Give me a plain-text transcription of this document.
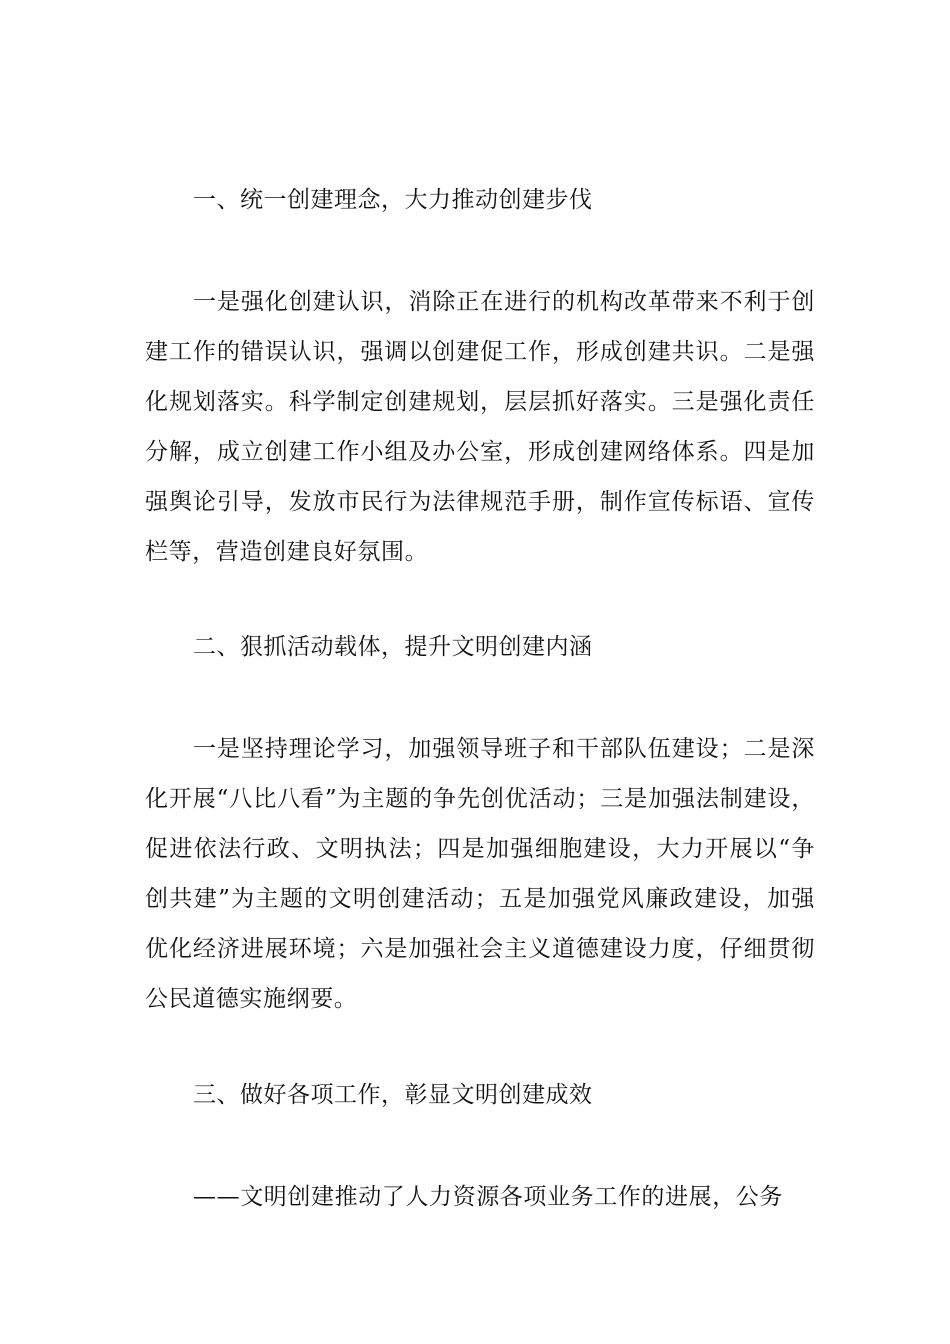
一、统一创建理念，大力推动创建步伐
一是强化创建认识，消除正在进行的机构改革带来不利于创建工作的错误认识，强调以创建促工作，形成创建共识。二是强化规划落实。科学制定创建规划，层层抓好落实。三是强化责任分解，成立创建工作小组及办公室，形成创建网络体系。四是加强舆论引导，发放市民行为法律规范手册，制作宣传标语、宣传栏等，营造创建良好氛围。
二、狠抓活动载体，提升文明创建内涵
一是坚持理论学习，加强领导班子和干部队伍建设；二是深化开展“八比八看”为主题的争先创优活动；三是加强法制建设，促进依法行政、文明执法；四是加强细胞建设，大力开展以“争创共建”为主题的文明创建活动；五是加强党风廉政建设，加强优化经济进展环境；六是加强社会主义道德建设力度，仔细贯彻公民道德实施纲要。
三、做好各项工作，彰显文明创建成效
——文明创建推动了人力资源各项业务工作的进展，公务
